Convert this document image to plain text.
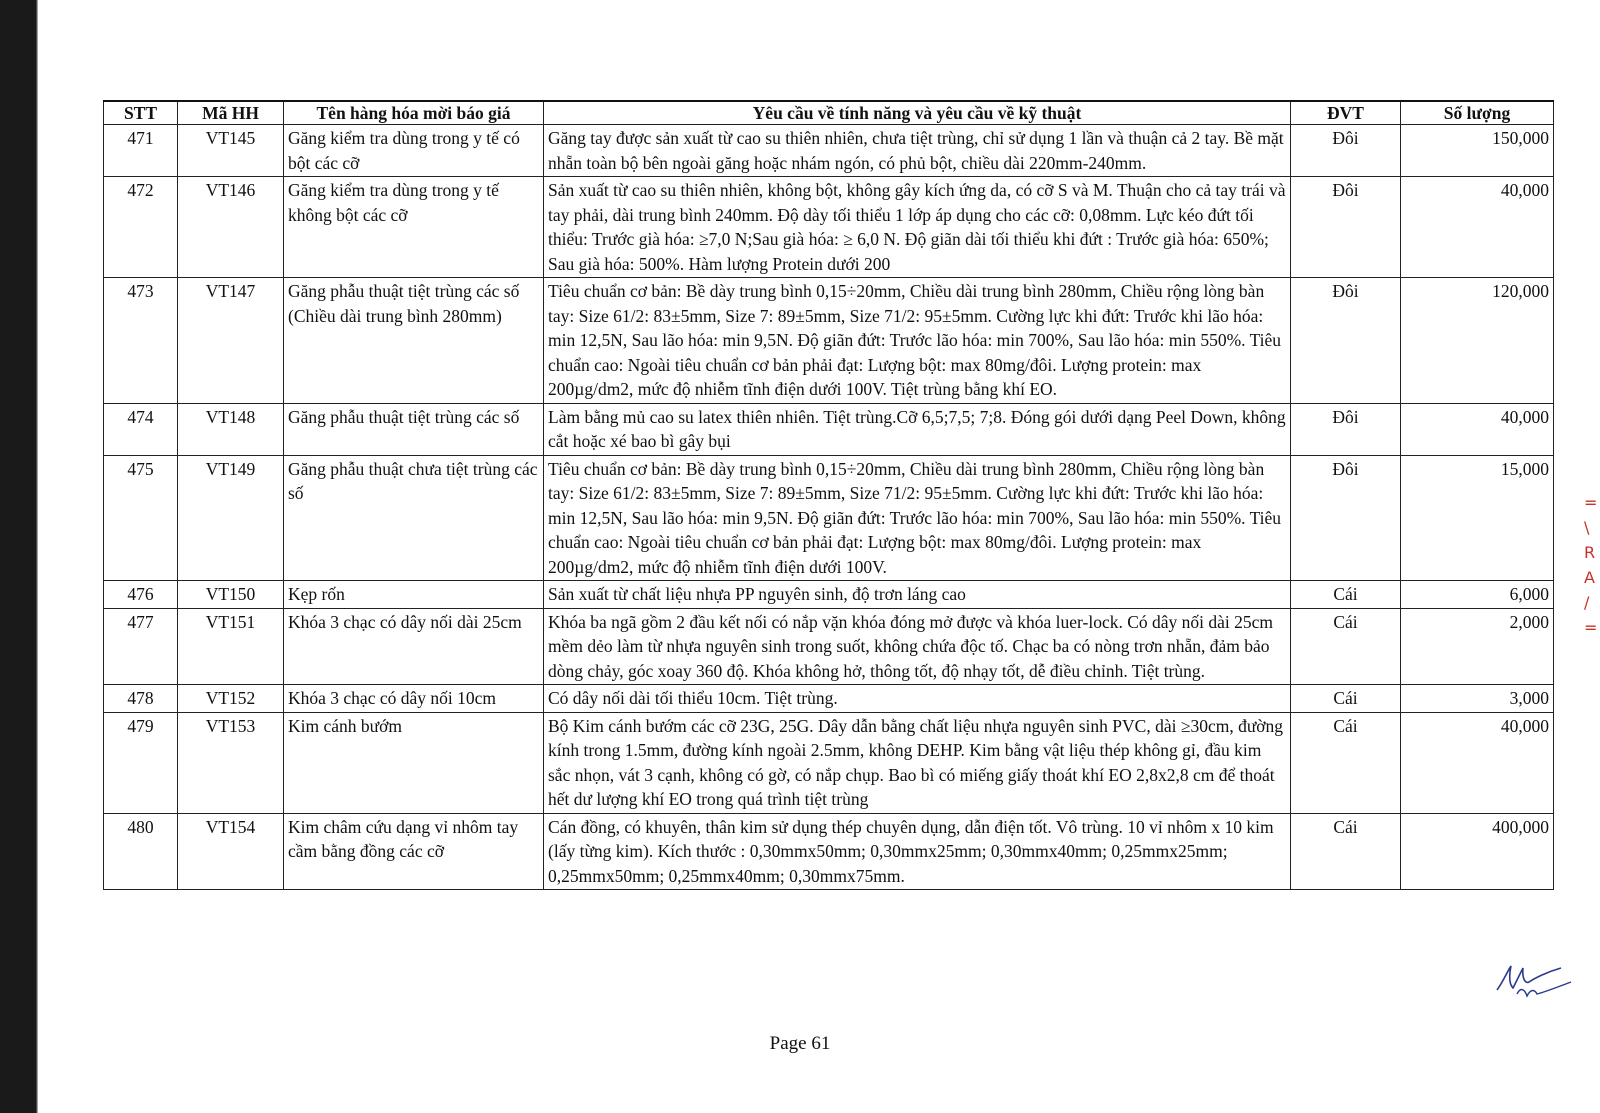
STT	Mã HH	Tên hàng hóa mời báo giá	Yêu cầu về tính năng và yêu cầu về kỹ thuật	ĐVT	Số lượng
471	VT145	Găng kiểm tra dùng trong y tế có bột các cỡ	Găng tay được sản xuất từ cao su thiên nhiên, chưa tiệt trùng, chỉ sử dụng 1 lần và thuận cả 2 tay. Bề mặt nhẵn toàn bộ bên ngoài găng hoặc nhám ngón, có phủ bột, chiều dài 220mm-240mm.	Đôi	150,000
472	VT146	Găng kiểm tra dùng trong y tế không bột các cỡ	Sản xuất từ cao su thiên nhiên, không bột, không gây kích ứng da, có cỡ S và M. Thuận cho cả tay trái và tay phải, dài trung bình 240mm. Độ dày tối thiểu 1 lớp áp dụng cho các cỡ: 0,08mm. Lực kéo đứt tối thiểu: Trước già hóa: ≥7,0 N;Sau già hóa: ≥ 6,0 N. Độ giãn dài tối thiểu khi đứt : Trước già hóa: 650%; Sau già hóa: 500%. Hàm lượng Protein dưới 200	Đôi	40,000
473	VT147	Găng phẫu thuật tiệt trùng các số (Chiều dài trung bình 280mm)	Tiêu chuẩn cơ bản: Bề dày trung bình 0,15÷20mm, Chiều dài trung bình 280mm, Chiều rộng lòng bàn tay: Size 61/2: 83±5mm, Size 7: 89±5mm, Size 71/2: 95±5mm. Cường lực khi đứt: Trước khi lão hóa: min 12,5N, Sau lão hóa: min 9,5N. Độ giãn đứt: Trước lão hóa: min 700%, Sau lão hóa: min 550%. Tiêu chuẩn cao: Ngoài tiêu chuẩn cơ bản phải đạt: Lượng bột: max 80mg/đôi. Lượng protein: max 200µg/dm2, mức độ nhiễm tĩnh điện dưới 100V. Tiệt trùng bằng khí EO.	Đôi	120,000
474	VT148	Găng phẫu thuật tiệt trùng các số	Làm bằng mủ cao su latex thiên nhiên. Tiệt trùng.Cỡ 6,5;7,5; 7;8. Đóng gói dưới dạng Peel Down, không cắt hoặc xé bao bì gây bụi	Đôi	40,000
475	VT149	Găng phẫu thuật chưa tiệt trùng các số	Tiêu chuẩn cơ bản: Bề dày trung bình 0,15÷20mm, Chiều dài trung bình 280mm, Chiều rộng lòng bàn tay: Size 61/2: 83±5mm, Size 7: 89±5mm, Size 71/2: 95±5mm. Cường lực khi đứt: Trước khi lão hóa: min 12,5N, Sau lão hóa: min 9,5N. Độ giãn đứt: Trước lão hóa: min 700%, Sau lão hóa: min 550%. Tiêu chuẩn cao: Ngoài tiêu chuẩn cơ bản phải đạt: Lượng bột: max 80mg/đôi. Lượng protein: max 200µg/dm2, mức độ nhiễm tĩnh điện dưới 100V.	Đôi	15,000
476	VT150	Kẹp rốn	Sản xuất từ chất liệu nhựa PP nguyên sinh, độ trơn láng cao	Cái	6,000
477	VT151	Khóa 3 chạc có dây nối dài 25cm	Khóa ba ngã gồm 2 đầu kết nối có nắp vặn khóa đóng mở được và khóa luer-lock. Có dây nối dài 25cm mềm dẻo làm từ nhựa nguyên sinh trong suốt, không chứa độc tố. Chạc ba có nòng trơn nhẵn, đảm bảo dòng chảy, góc xoay 360 độ. Khóa không hở, thông tốt, độ nhạy tốt, dễ điều chỉnh. Tiệt trùng.	Cái	2,000
478	VT152	Khóa 3 chạc có dây nối 10cm	Có dây nối dài tối thiểu 10cm. Tiệt trùng.	Cái	3,000
479	VT153	Kim cánh bướm	Bộ Kim cánh bướm các cỡ 23G, 25G. Dây dẫn bằng chất liệu nhựa nguyên sinh PVC, dài ≥30cm, đường kính trong 1.5mm, đường kính ngoài 2.5mm, không DEHP. Kim bằng vật liệu thép không gỉ, đầu kim sắc nhọn, vát 3 cạnh, không có gờ, có nắp chụp. Bao bì có miếng giấy thoát khí EO 2,8x2,8 cm để thoát hết dư lượng khí EO trong quá trình tiệt trùng	Cái	40,000
480	VT154	Kim châm cứu dạng vỉ nhôm tay cầm bằng đồng các cỡ	Cán đồng, có khuyên, thân kim sử dụng thép chuyên dụng, dẫn điện tốt. Vô trùng. 10 vỉ nhôm x 10 kim (lấy từng kim). Kích thước : 0,30mmx50mm; 0,30mmx25mm; 0,30mmx40mm; 0,25mmx25mm; 0,25mmx50mm; 0,25mmx40mm; 0,30mmx75mm.	Cái	400,000
=
\
R
A
/
=
Page 61
